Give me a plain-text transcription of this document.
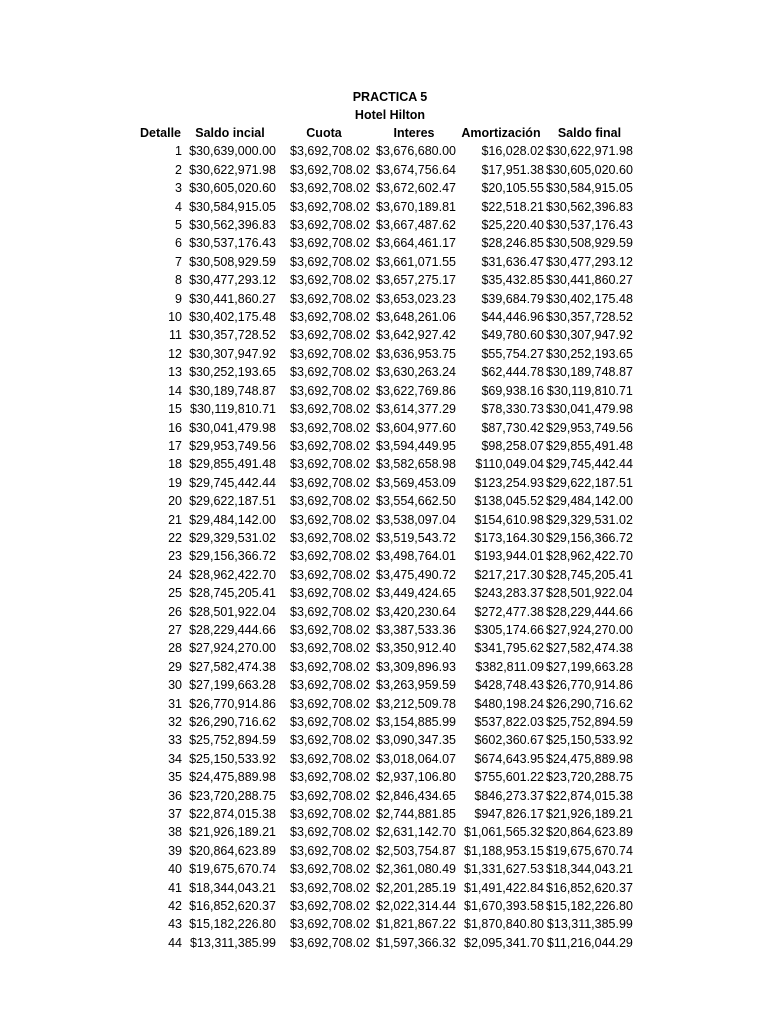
PRACTICA 5
Hotel Hilton
Detalle	Saldo incial	Cuota	Interes	Amortización	Saldo final
1	$30,639,000.00	$3,692,708.02	$3,676,680.00	$16,028.02	$30,622,971.98
2	$30,622,971.98	$3,692,708.02	$3,674,756.64	$17,951.38	$30,605,020.60
3	$30,605,020.60	$3,692,708.02	$3,672,602.47	$20,105.55	$30,584,915.05
4	$30,584,915.05	$3,692,708.02	$3,670,189.81	$22,518.21	$30,562,396.83
5	$30,562,396.83	$3,692,708.02	$3,667,487.62	$25,220.40	$30,537,176.43
6	$30,537,176.43	$3,692,708.02	$3,664,461.17	$28,246.85	$30,508,929.59
7	$30,508,929.59	$3,692,708.02	$3,661,071.55	$31,636.47	$30,477,293.12
8	$30,477,293.12	$3,692,708.02	$3,657,275.17	$35,432.85	$30,441,860.27
9	$30,441,860.27	$3,692,708.02	$3,653,023.23	$39,684.79	$30,402,175.48
10	$30,402,175.48	$3,692,708.02	$3,648,261.06	$44,446.96	$30,357,728.52
11	$30,357,728.52	$3,692,708.02	$3,642,927.42	$49,780.60	$30,307,947.92
12	$30,307,947.92	$3,692,708.02	$3,636,953.75	$55,754.27	$30,252,193.65
13	$30,252,193.65	$3,692,708.02	$3,630,263.24	$62,444.78	$30,189,748.87
14	$30,189,748.87	$3,692,708.02	$3,622,769.86	$69,938.16	$30,119,810.71
15	$30,119,810.71	$3,692,708.02	$3,614,377.29	$78,330.73	$30,041,479.98
16	$30,041,479.98	$3,692,708.02	$3,604,977.60	$87,730.42	$29,953,749.56
17	$29,953,749.56	$3,692,708.02	$3,594,449.95	$98,258.07	$29,855,491.48
18	$29,855,491.48	$3,692,708.02	$3,582,658.98	$110,049.04	$29,745,442.44
19	$29,745,442.44	$3,692,708.02	$3,569,453.09	$123,254.93	$29,622,187.51
20	$29,622,187.51	$3,692,708.02	$3,554,662.50	$138,045.52	$29,484,142.00
21	$29,484,142.00	$3,692,708.02	$3,538,097.04	$154,610.98	$29,329,531.02
22	$29,329,531.02	$3,692,708.02	$3,519,543.72	$173,164.30	$29,156,366.72
23	$29,156,366.72	$3,692,708.02	$3,498,764.01	$193,944.01	$28,962,422.70
24	$28,962,422.70	$3,692,708.02	$3,475,490.72	$217,217.30	$28,745,205.41
25	$28,745,205.41	$3,692,708.02	$3,449,424.65	$243,283.37	$28,501,922.04
26	$28,501,922.04	$3,692,708.02	$3,420,230.64	$272,477.38	$28,229,444.66
27	$28,229,444.66	$3,692,708.02	$3,387,533.36	$305,174.66	$27,924,270.00
28	$27,924,270.00	$3,692,708.02	$3,350,912.40	$341,795.62	$27,582,474.38
29	$27,582,474.38	$3,692,708.02	$3,309,896.93	$382,811.09	$27,199,663.28
30	$27,199,663.28	$3,692,708.02	$3,263,959.59	$428,748.43	$26,770,914.86
31	$26,770,914.86	$3,692,708.02	$3,212,509.78	$480,198.24	$26,290,716.62
32	$26,290,716.62	$3,692,708.02	$3,154,885.99	$537,822.03	$25,752,894.59
33	$25,752,894.59	$3,692,708.02	$3,090,347.35	$602,360.67	$25,150,533.92
34	$25,150,533.92	$3,692,708.02	$3,018,064.07	$674,643.95	$24,475,889.98
35	$24,475,889.98	$3,692,708.02	$2,937,106.80	$755,601.22	$23,720,288.75
36	$23,720,288.75	$3,692,708.02	$2,846,434.65	$846,273.37	$22,874,015.38
37	$22,874,015.38	$3,692,708.02	$2,744,881.85	$947,826.17	$21,926,189.21
38	$21,926,189.21	$3,692,708.02	$2,631,142.70	$1,061,565.32	$20,864,623.89
39	$20,864,623.89	$3,692,708.02	$2,503,754.87	$1,188,953.15	$19,675,670.74
40	$19,675,670.74	$3,692,708.02	$2,361,080.49	$1,331,627.53	$18,344,043.21
41	$18,344,043.21	$3,692,708.02	$2,201,285.19	$1,491,422.84	$16,852,620.37
42	$16,852,620.37	$3,692,708.02	$2,022,314.44	$1,670,393.58	$15,182,226.80
43	$15,182,226.80	$3,692,708.02	$1,821,867.22	$1,870,840.80	$13,311,385.99
44	$13,311,385.99	$3,692,708.02	$1,597,366.32	$2,095,341.70	$11,216,044.29
